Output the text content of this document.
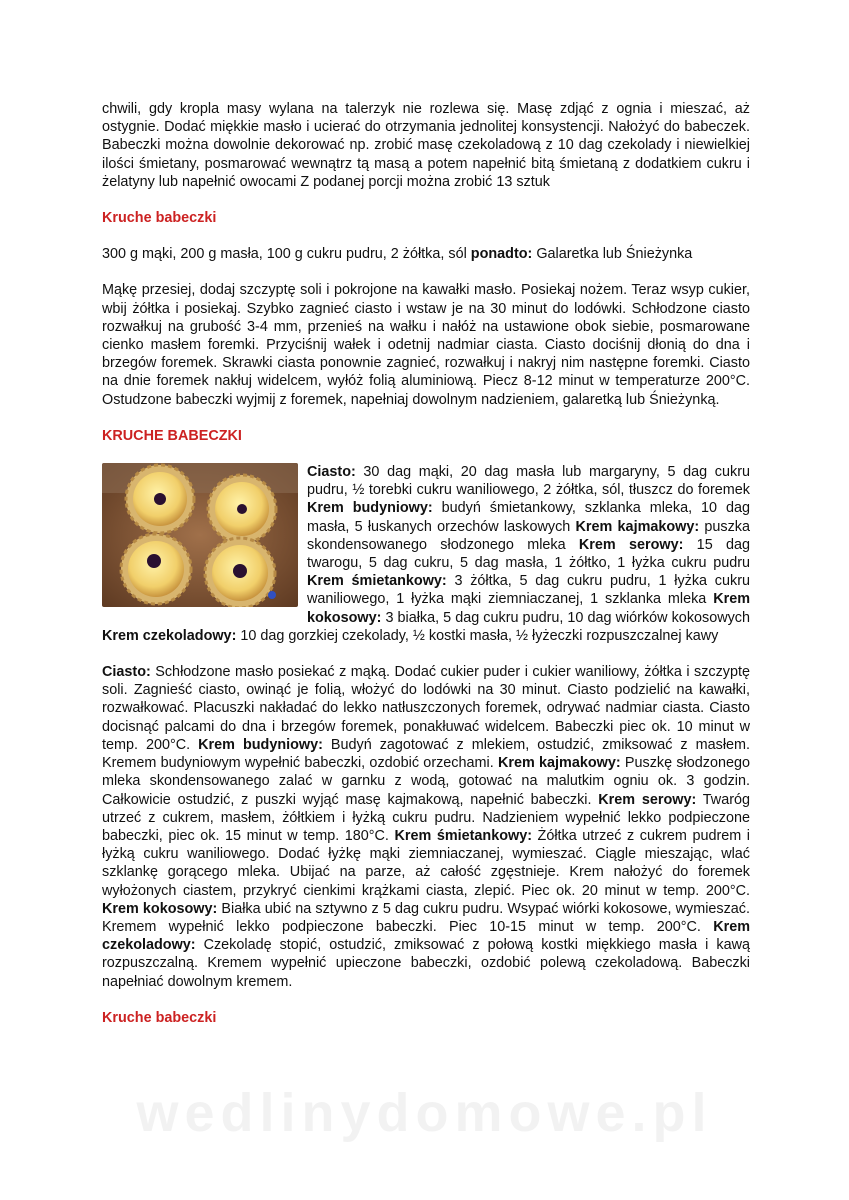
chwili, gdy kropla masy wylana na talerzyk nie rozlewa się. Masę zdjąć z ognia i mieszać, aż ostygnie. Dodać miękkie masło i ucierać do otrzymania jednolitej konsystencji. Nałożyć do babeczek. Babeczki można dowolnie dekorować np. zrobić masę czekoladową z 10 dag czekolady i niewielkiej ilości śmietany, posmarować wewnątrz tą masą a potem napełnić bitą śmietaną z dodatkiem cukru i żelatyny lub napełnić owocami Z podanej porcji można zrobić 13 sztuk

Kruche babeczki

300 g mąki, 200 g masła, 100 g cukru pudru, 2 żółtka, sól ponadto: Galaretka lub Śnieżynka

Mąkę przesiej, dodaj szczyptę soli i pokrojone na kawałki masło. Posiekaj nożem. Teraz wsyp cukier, wbij żółtka i posiekaj. Szybko zagnieć ciasto i wstaw je na 30 minut do lodówki. Schłodzone ciasto rozwałkuj na grubość 3-4 mm, przenieś na wałku i nałóż na ustawione obok siebie, posmarowane cienko masłem foremki. Przyciśnij wałek i odetnij nadmiar ciasta. Ciasto dociśnij dłonią do dna i brzegów foremek. Skrawki ciasta ponownie zagnieć, rozwałkuj i nakryj nim następne foremki. Ciasto na dnie foremek nakłuj widelcem, wyłóż folią aluminiową. Piecz 8-12 minut w temperaturze 200°C. Ostudzone babeczki wyjmij z foremek, napełniaj dowolnym nadzieniem, galaretką lub Śnieżynką.

KRUCHE BABECZKI

Ciasto: 30 dag mąki, 20 dag masła lub margaryny, 5 dag cukru pudru, ½ torebki cukru waniliowego, 2 żółtka, sól, tłuszcz do foremek Krem budyniowy: budyń śmietankowy, szklanka mleka, 10 dag masła, 5 łuskanych orzechów laskowych Krem kajmakowy: puszka skondensowanego słodzonego mleka Krem serowy: 15 dag twarogu, 5 dag cukru, 5 dag masła, 1 żółtko, 1 łyżka cukru pudru Krem śmietankowy: 3 żółtka, 5 dag cukru pudru, 1 łyżka cukru waniliowego, 1 łyżka mąki ziemniaczanej, 1 szklanka mleka Krem kokosowy: 3 białka, 5 dag cukru pudru, 10 dag wiórków kokosowych Krem czekoladowy: 10 dag gorzkiej czekolady, ½ kostki masła, ½ łyżeczki rozpuszczalnej kawy

Ciasto: Schłodzone masło posiekać z mąką. Dodać cukier puder i cukier waniliowy, żółtka i szczyptę soli. Zagnieść ciasto, owinąć je folią, włożyć do lodówki na 30 minut. Ciasto podzielić na kawałki, rozwałkować. Placuszki nakładać do lekko natłuszczonych foremek, odrywać nadmiar ciasta. Ciasto docisnąć palcami do dna i brzegów foremek, ponakłuwać widelcem. Babeczki piec ok. 10 minut w temp. 200°C. Krem budyniowy: Budyń zagotować z mlekiem, ostudzić, zmiksować z masłem. Kremem budyniowym wypełnić babeczki, ozdobić orzechami. Krem kajmakowy: Puszkę słodzonego mleka skondensowanego zalać w garnku z wodą, gotować na malutkim ogniu ok. 3 godzin. Całkowicie ostudzić, z puszki wyjąć masę kajmakową, napełnić babeczki. Krem serowy: Twaróg utrzeć z cukrem, masłem, żółtkiem i łyżką cukru pudru. Nadzieniem wypełnić lekko podpieczone babeczki, piec ok. 15 minut w temp. 180°C. Krem śmietankowy: Żółtka utrzeć z cukrem pudrem i łyżką cukru waniliowego. Dodać łyżkę mąki ziemniaczanej, wymieszać. Ciągle mieszając, wlać szklankę gorącego mleka. Ubijać na parze, aż całość zgęstnieje. Krem nałożyć do foremek wyłożonych ciastem, przykryć cienkimi krążkami ciasta, zlepić. Piec ok. 20 minut w temp. 200°C. Krem kokosowy: Białka ubić na sztywno z 5 dag cukru pudru. Wsypać wiórki kokosowe, wymieszać. Kremem wypełnić lekko podpieczone babeczki. Piec 10-15 minut w temp. 200°C. Krem czekoladowy: Czekoladę stopić, ostudzić, zmiksować z połową kostki miękkiego masła i kawą rozpuszczalną. Kremem wypełnić upieczone babeczki, ozdobić polewą czekoladową. Babeczki napełniać dowolnym kremem.

Kruche babeczki

wedlinydomowe.pl
